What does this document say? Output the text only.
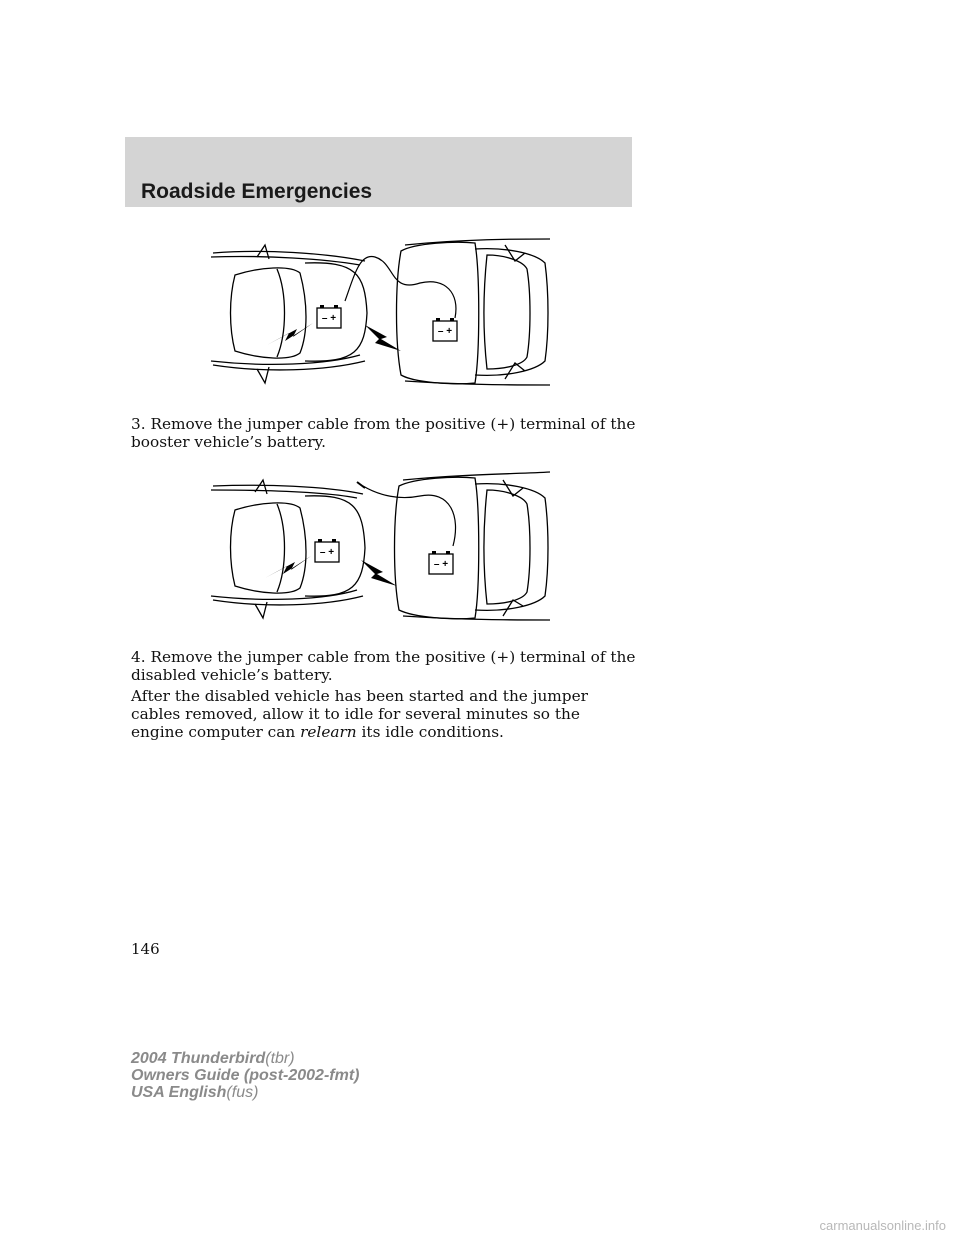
Roadside Emergencies
– +
– +

3. Remove the jumper cable from the positive (+) terminal of the booster vehicle’s battery.

– +
– +

4. Remove the jumper cable from the positive (+) terminal of the disabled vehicle’s battery.

After the disabled vehicle has been started and the jumper cables removed, allow it to idle for several minutes so the engine computer can relearn its idle conditions.

146
2004 Thunderbird(tbr)
Owners Guide (post-2002-fmt)
USA English(fus)
carmanualsonline.info
